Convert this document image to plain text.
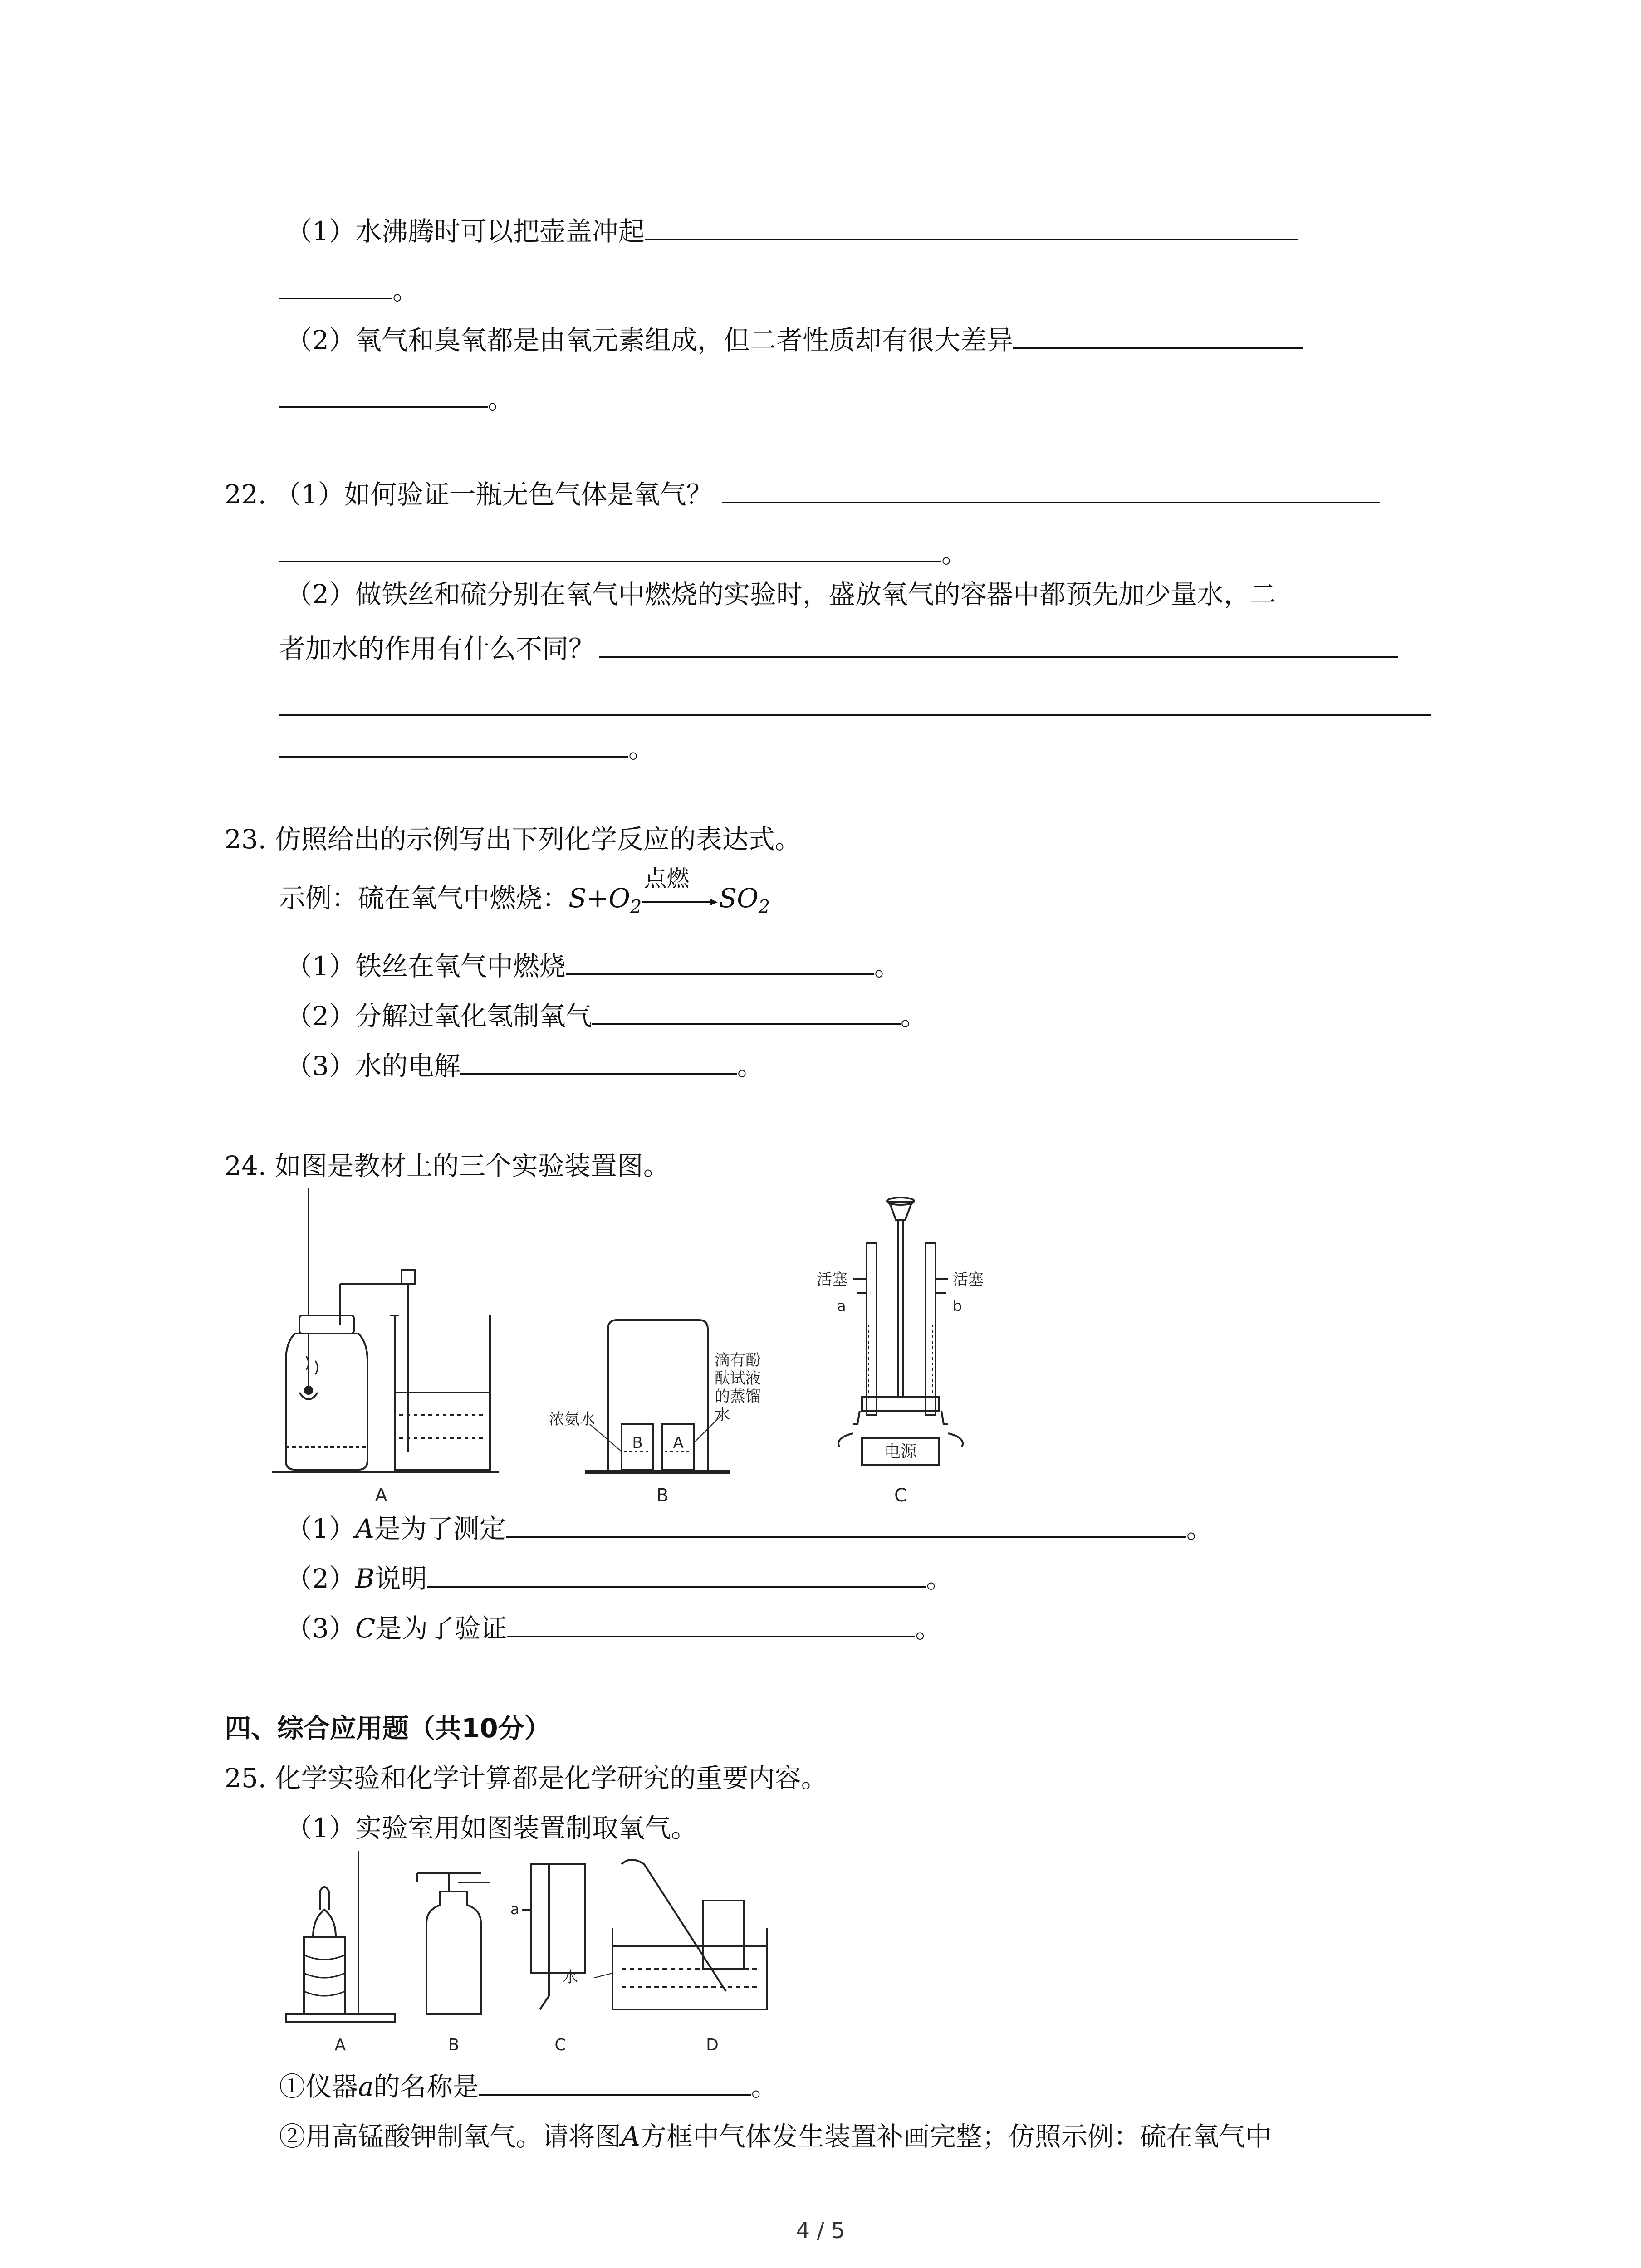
（1）水沸腾时可以把壶盖冲起
。
（2）氧气和臭氧都是由氧元素组成，但二者性质却有很大差异
。
22. （1）如何验证一瓶无色气体是氧气？
。
（2）做铁丝和硫分别在氧气中燃烧的实验时，盛放氧气的容器中都预先加少量水，二
者加水的作用有什么不同？
。
23. 仿照给出的示例写出下列化学反应的表达式。
示例：硫在氧气中燃烧：$S+O_2$
点燃
$SO_2$
（1）铁丝在氧气中燃烧	。
（2）分解过氧化氢制氧气	。
（3）水的电解	。
24. 如图是教材上的三个实验装置图。
A
B A
浓氨水
滴有酚
酞试液
的蒸馏
水
B
电源
活塞	活塞
a	b
C
（1）A是为了测定	。
（2）B说明	。
（3）C是为了验证	。
四、综合应用题（共10分）
25. 化学实验和化学计算都是化学研究的重要内容。
（1）实验室用如图装置制取氧气。
A	B
a
C
水
D
①仪器a的名称是	。
②用高锰酸钾制氧气。请将图A方框中气体发生装置补画完整；仿照示例：硫在氧气中
4 / 5
